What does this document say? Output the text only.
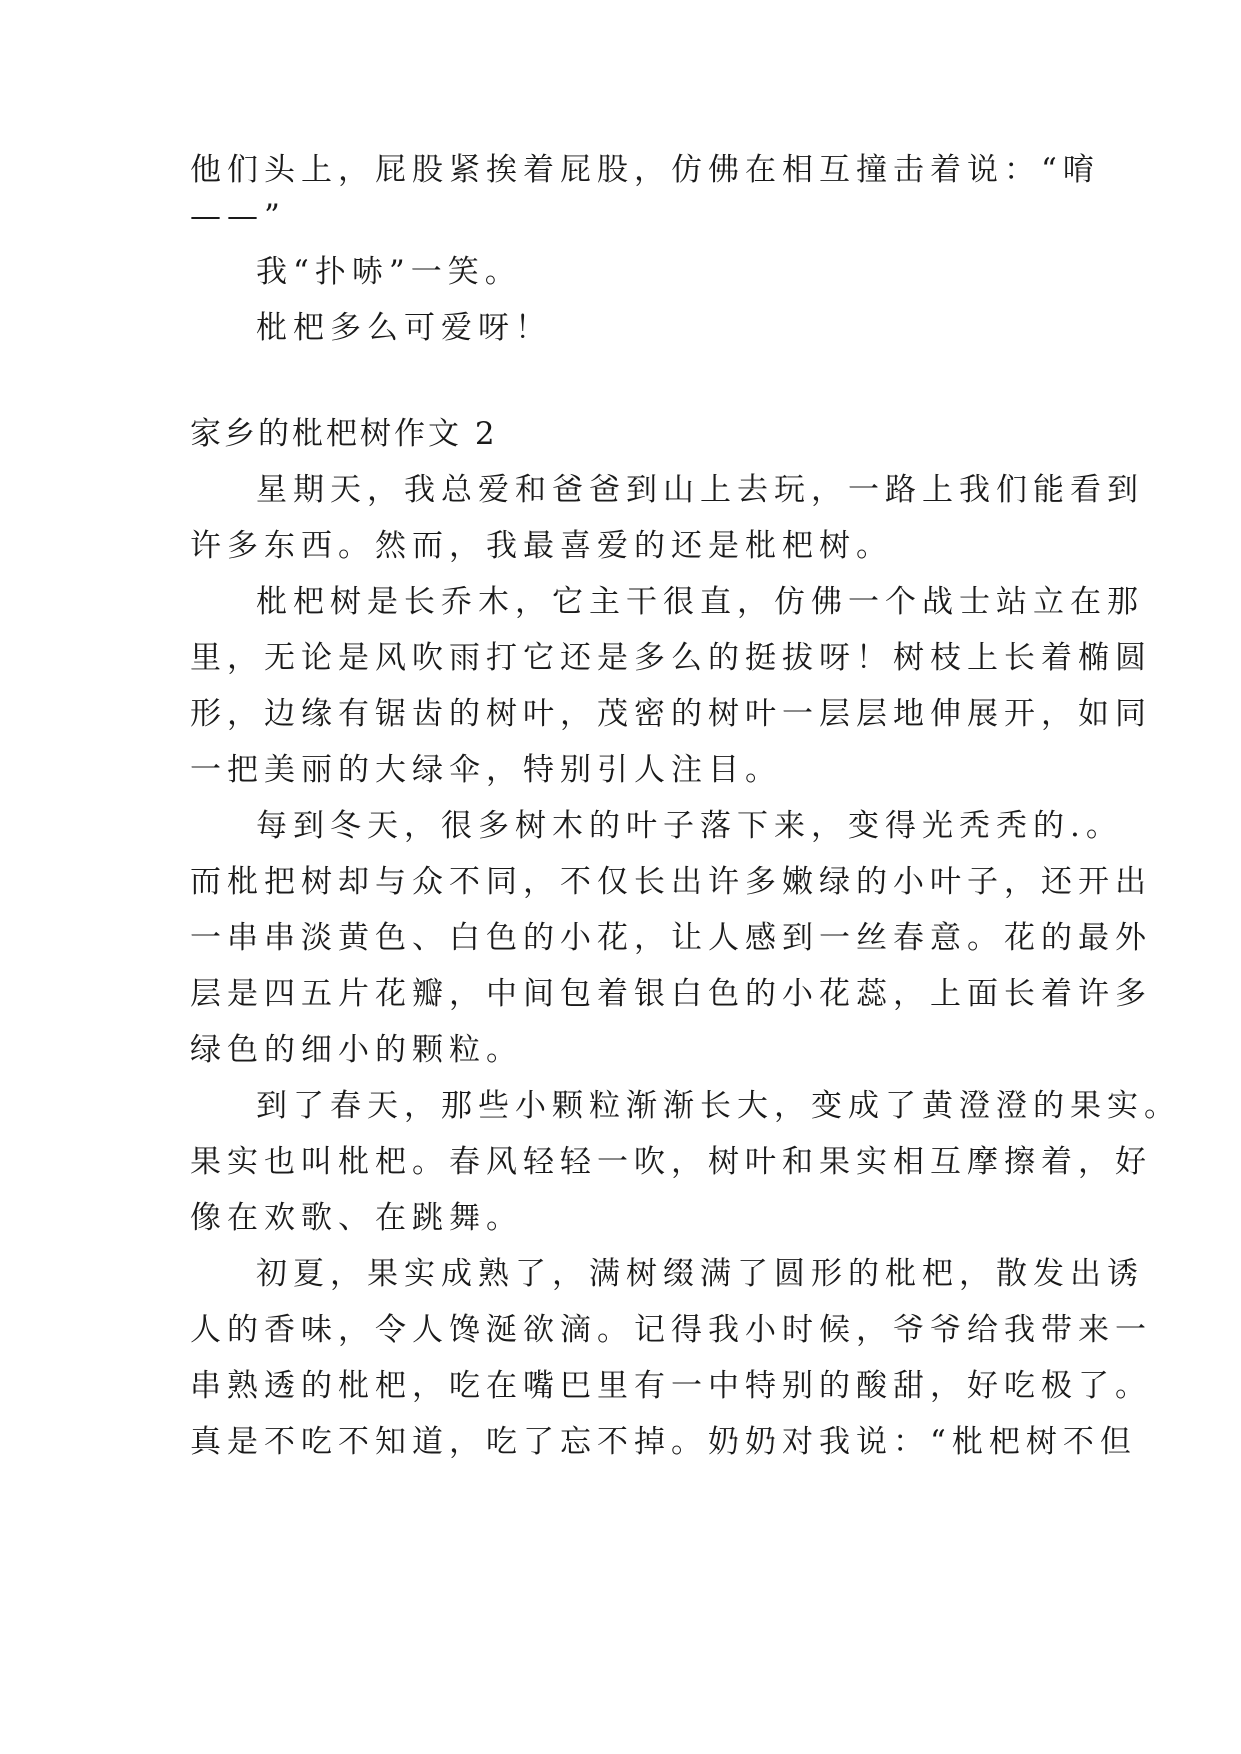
他们头上，屁股紧挨着屁股，仿佛在相互撞击着说：“唷
——”
我“扑哧”一笑。
枇杷多么可爱呀！
家乡的枇杷树作文 2
星期天，我总爱和爸爸到山上去玩，一路上我们能看到
许多东西。然而，我最喜爱的还是枇杷树。
枇杷树是长乔木，它主干很直，仿佛一个战士站立在那
里，无论是风吹雨打它还是多么的挺拔呀！树枝上长着椭圆
形，边缘有锯齿的树叶，茂密的树叶一层层地伸展开，如同
一把美丽的大绿伞，特别引人注目。
每到冬天，很多树木的叶子落下来，变得光秃秃的.。
而枇把树却与众不同，不仅长出许多嫩绿的小叶子，还开出
一串串淡黄色、白色的小花，让人感到一丝春意。花的最外
层是四五片花瓣，中间包着银白色的小花蕊，上面长着许多
绿色的细小的颗粒。
到了春天，那些小颗粒渐渐长大，变成了黄澄澄的果实。
果实也叫枇杷。春风轻轻一吹，树叶和果实相互摩擦着，好
像在欢歌、在跳舞。
初夏，果实成熟了，满树缀满了圆形的枇杷，散发出诱
人的香味，令人馋涎欲滴。记得我小时候，爷爷给我带来一
串熟透的枇杷，吃在嘴巴里有一中特别的酸甜，好吃极了。
真是不吃不知道，吃了忘不掉。奶奶对我说：“枇杷树不但
